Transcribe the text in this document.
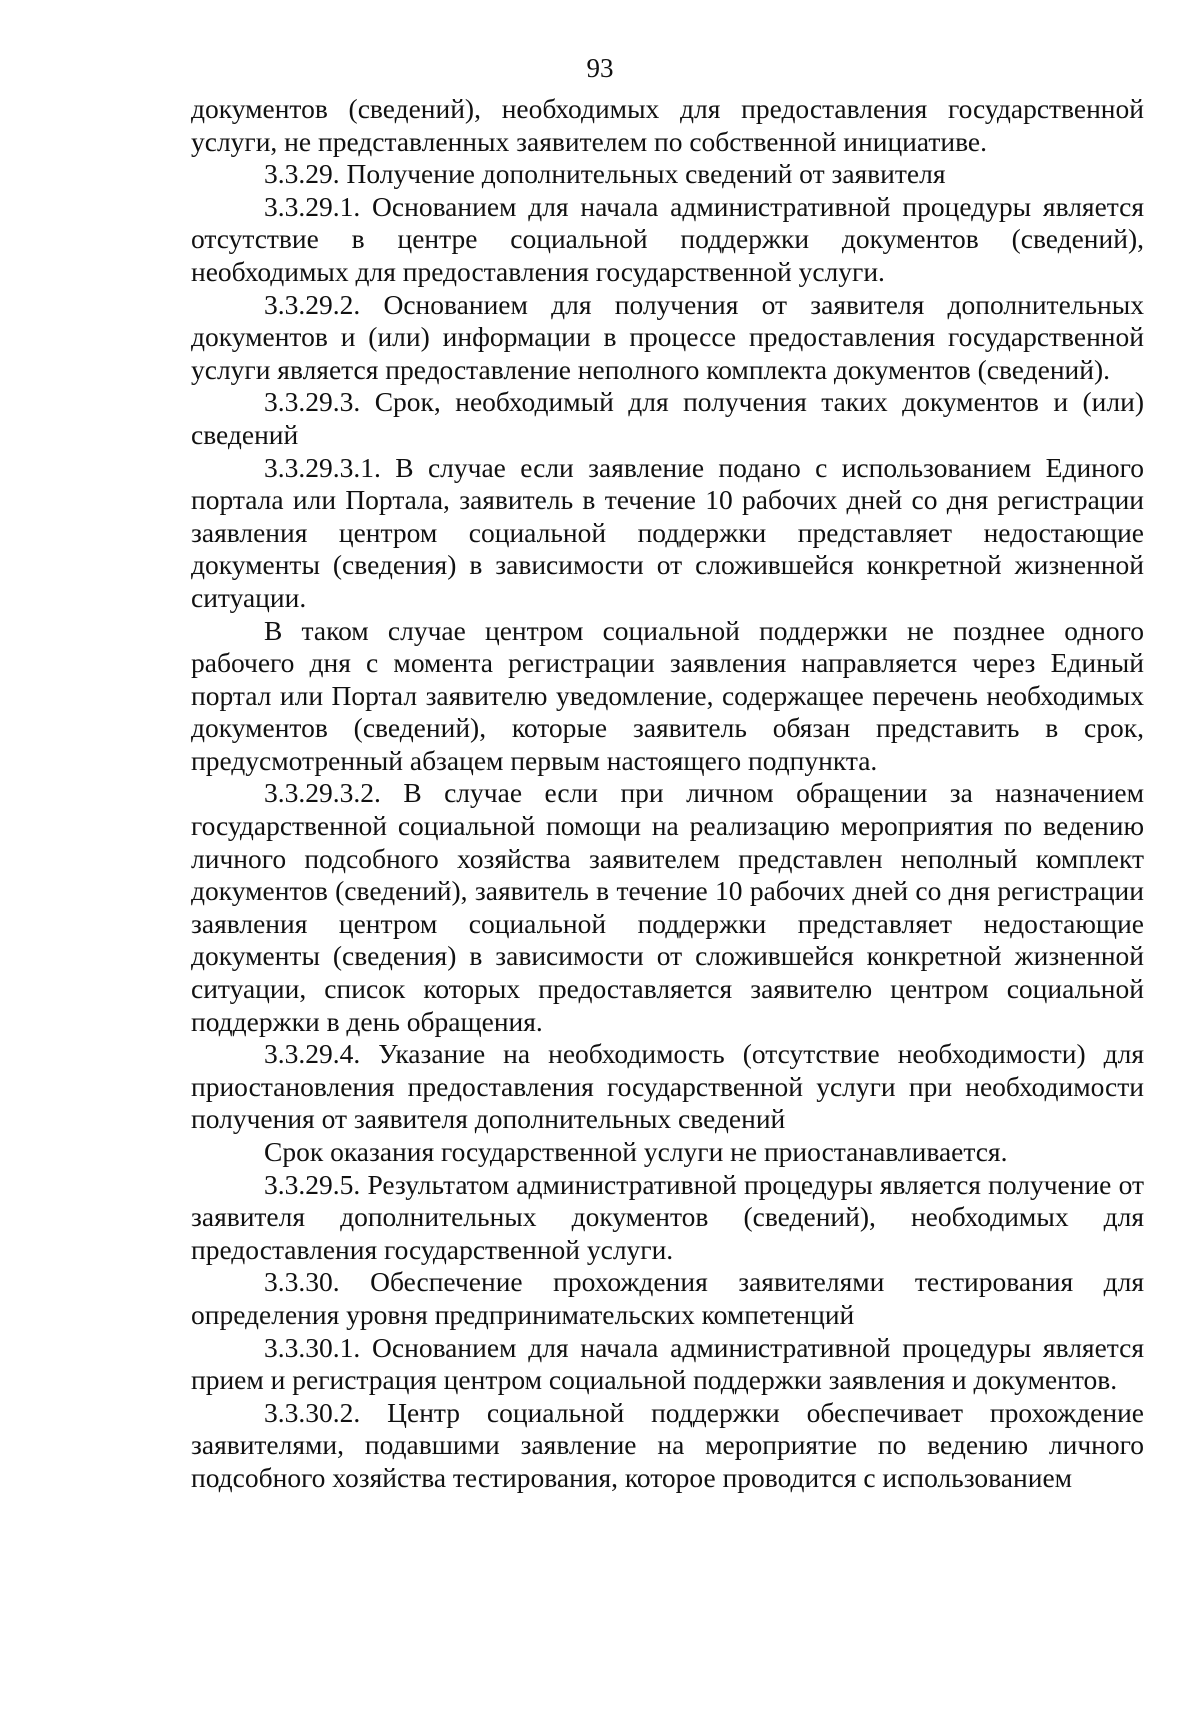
93

документов (сведений), необходимых для предоставления государственной услуги, не представленных заявителем по собственной инициативе.

3.3.29. Получение дополнительных сведений от заявителя

3.3.29.1. Основанием для начала административной процедуры является отсутствие в центре социальной поддержки документов (сведений), необходимых для предоставления государственной услуги.

3.3.29.2. Основанием для получения от заявителя дополнительных документов и (или) информации в процессе предоставления государственной услуги является предоставление неполного комплекта документов (сведений).

3.3.29.3. Срок, необходимый для получения таких документов и (или) сведений

3.3.29.3.1. В случае если заявление подано с использованием Единого портала или Портала, заявитель в течение 10 рабочих дней со дня регистрации заявления центром социальной поддержки представляет недостающие документы (сведения) в зависимости от сложившейся конкретной жизненной ситуации.

В таком случае центром социальной поддержки не позднее одного рабочего дня с момента регистрации заявления направляется через Единый портал или Портал заявителю уведомление, содержащее перечень необходимых документов (сведений), которые заявитель обязан представить в срок, предусмотренный абзацем первым настоящего подпункта.

3.3.29.3.2. В случае если при личном обращении за назначением государственной социальной помощи на реализацию мероприятия по ведению личного подсобного хозяйства заявителем представлен неполный комплект документов (сведений), заявитель в течение 10 рабочих дней со дня регистрации заявления центром социальной поддержки представляет недостающие документы (сведения) в зависимости от сложившейся конкретной жизненной ситуации, список которых предоставляется заявителю центром социальной поддержки в день обращения.

3.3.29.4. Указание на необходимость (отсутствие необходимости) для приостановления предоставления государственной услуги при необходимости получения от заявителя дополнительных сведений

Срок оказания государственной услуги не приостанавливается.

3.3.29.5. Результатом административной процедуры является получение от заявителя дополнительных документов (сведений), необходимых для предоставления государственной услуги.

3.3.30. Обеспечение прохождения заявителями тестирования для определения уровня предпринимательских компетенций

3.3.30.1. Основанием для начала административной процедуры является прием и регистрация центром социальной поддержки заявления и документов.

3.3.30.2. Центр социальной поддержки обеспечивает прохождение заявителями, подавшими заявление на мероприятие по ведению личного подсобного хозяйства тестирования, которое проводится с использованием
